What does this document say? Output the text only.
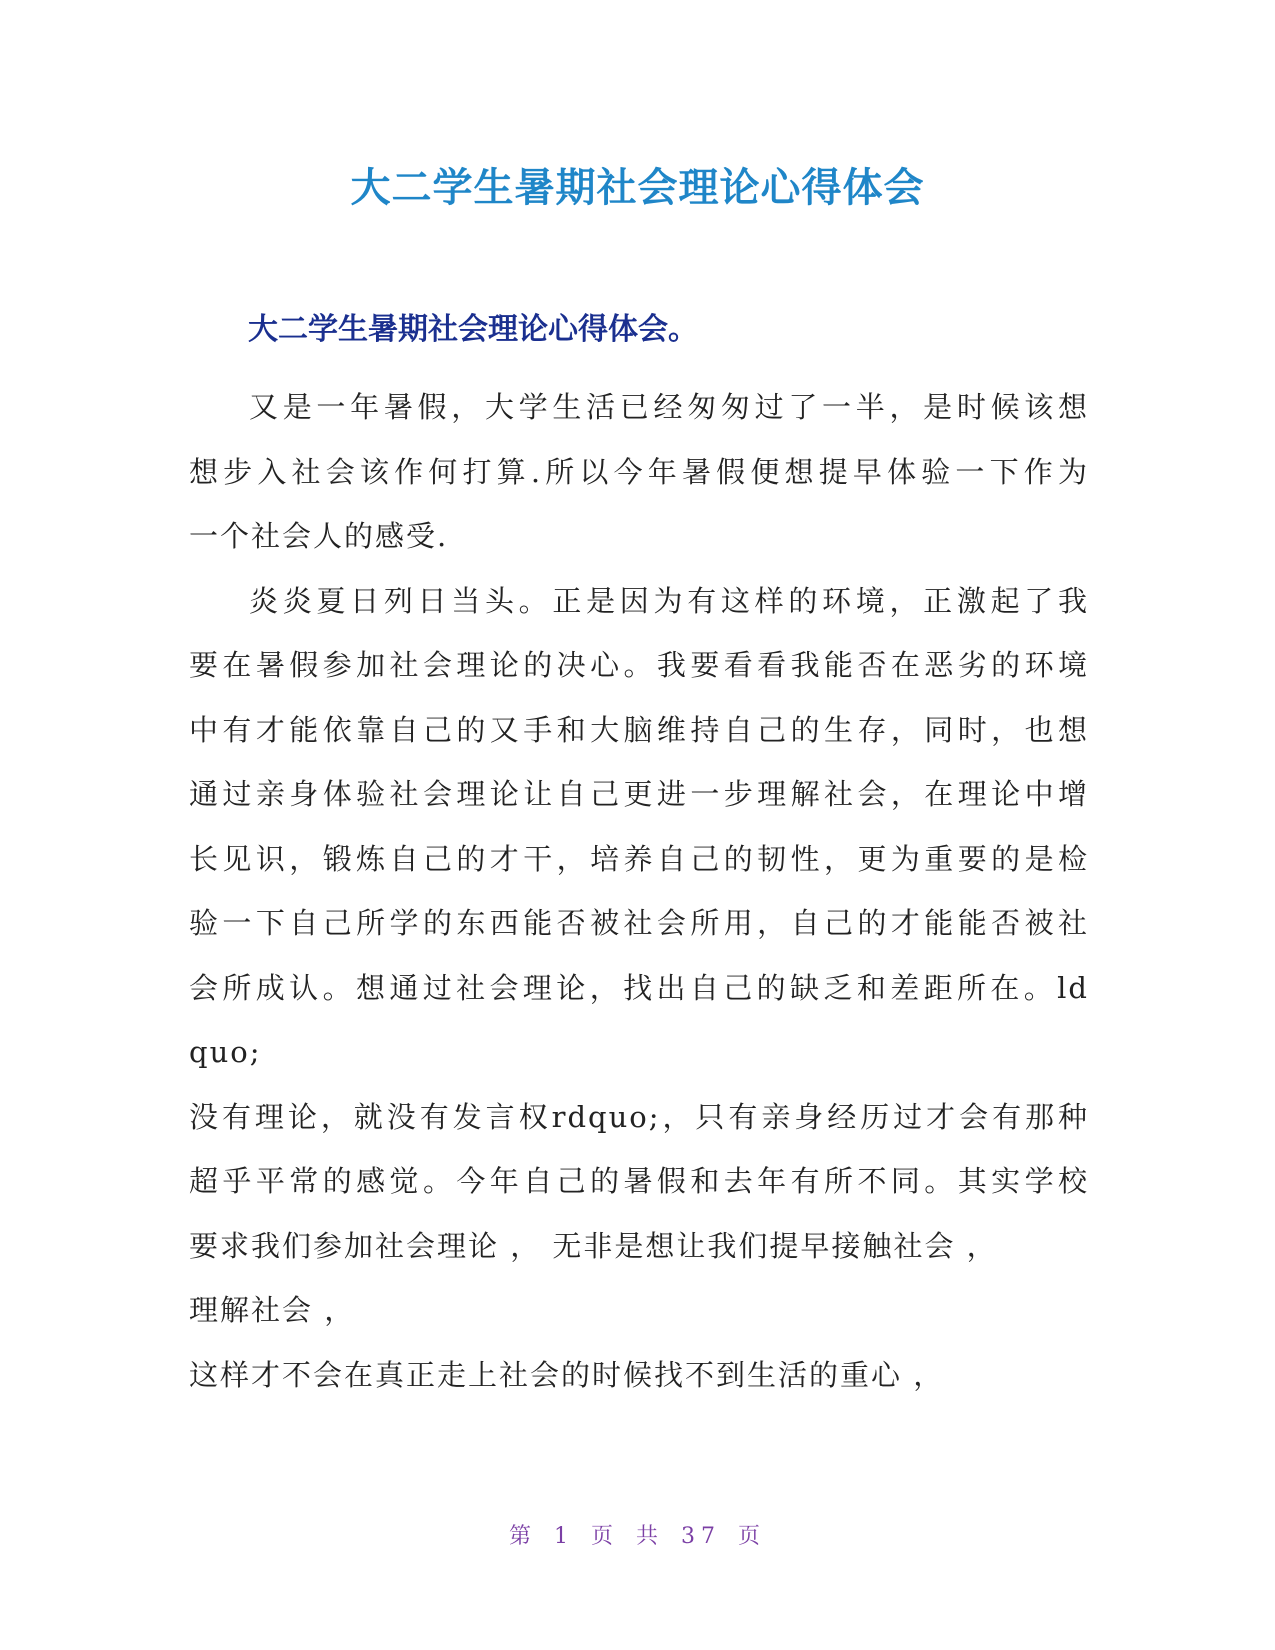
大二学生暑期社会理论心得体会
大二学生暑期社会理论心得体会。
又是一年暑假，大学生活已经匆匆过了一半，是时候该想
想步入社会该作何打算.所以今年暑假便想提早体验一下作为
一个社会人的感受.
炎炎夏日列日当头。正是因为有这样的环境，正激起了我
要在暑假参加社会理论的决心。我要看看我能否在恶劣的环境
中有才能依靠自己的又手和大脑维持自己的生存，同时，也想
通过亲身体验社会理论让自己更进一步理解社会，在理论中增
长见识，锻炼自己的才干，培养自己的韧性，更为重要的是检
验一下自己所学的东西能否被社会所用，自己的才能能否被社
会所成认。想通过社会理论，找出自己的缺乏和差距所在。ld
quo;
没有理论，就没有发言权rdquo;，只有亲身经历过才会有那种
超乎平常的感觉。今年自己的暑假和去年有所不同。其实学校
要求我们参加社会理论 ， 无非是想让我们提早接触社会 ，
理解社会 ，
这样才不会在真正走上社会的时候找不到生活的重心 ，
第 1 页 共 37 页
